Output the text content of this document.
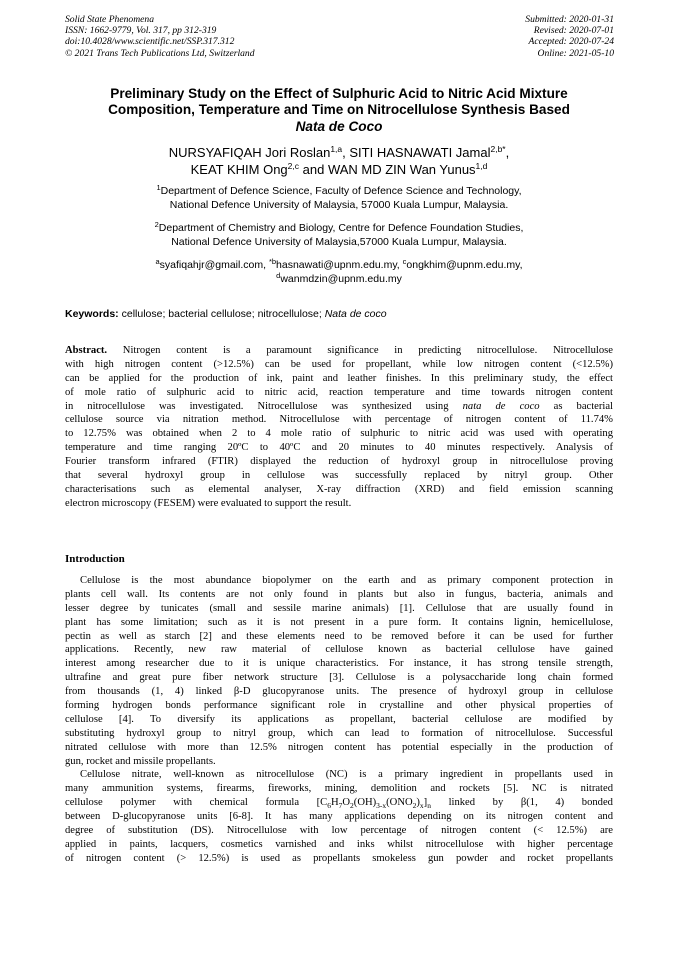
Solid State Phenomena
ISSN: 1662-9779, Vol. 317, pp 312-319
doi:10.4028/www.scientific.net/SSP.317.312
© 2021 Trans Tech Publications Ltd, Switzerland
Submitted: 2020-01-31
Revised: 2020-07-01
Accepted: 2020-07-24
Online: 2021-05-10
Preliminary Study on the Effect of Sulphuric Acid to Nitric Acid Mixture
Composition, Temperature and Time on Nitrocellulose Synthesis Based
Nata de Coco
NURSYAFIQAH Jori Roslan$^{1,a}$, SITI HASNAWATI Jamal$^{2,b*}$,
KEAT KHIM Ong$^{2,c}$ and WAN MD ZIN Wan Yunus$^{1,d}$
$^1$Department of Defence Science, Faculty of Defence Science and Technology,
National Defence University of Malaysia, 57000 Kuala Lumpur, Malaysia.
$^2$Department of Chemistry and Biology, Centre for Defence Foundation Studies,
National Defence University of Malaysia,57000 Kuala Lumpur, Malaysia.
$^a$syafiqahjr@gmail.com, $^{*b}$hasnawati@upnm.edu.my, $^c$ongkhim@upnm.edu.my,
$^d$wanmdzin@upnm.edu.my
Keywords: cellulose; bacterial cellulose; nitrocellulose; Nata de coco
Abstract. Nitrogen content is a paramount significance in predicting nitrocellulose. Nitrocellulose
with high nitrogen content (>12.5%) can be used for propellant, while low nitrogen content (<12.5%)
can be applied for the production of ink, paint and leather finishes. In this preliminary study, the effect
of mole ratio of sulphuric acid to nitric acid, reaction temperature and time towards nitrogen content
in nitrocellulose was investigated. Nitrocellulose was synthesized using nata de coco as bacterial
cellulose source via nitration method. Nitrocellulose with percentage of nitrogen content of 11.74%
to 12.75% was obtained when 2 to 4 mole ratio of sulphuric to nitric acid was used with operating
temperature and time ranging 20ºC to 40ºC and 20 minutes to 40 minutes respectively. Analysis of
Fourier transform infrared (FTIR) displayed the reduction of hydroxyl group in nitrocellulose proving
that several hydroxyl group in cellulose was successfully replaced by nitryl group. Other
characterisations such as elemental analyser, X-ray diffraction (XRD) and field emission scanning
electron microscopy (FESEM) were evaluated to support the result.
Introduction
Cellulose is the most abundance biopolymer on the earth and as primary component protection in
plants cell wall. Its contents are not only found in plants but also in fungus, bacteria, animals and
lesser degree by tunicates (small and sessile marine animals) [1]. Cellulose that are usually found in
plant has some limitation; such as it is not present in a pure form. It contains lignin, hemicellulose,
pectin as well as starch [2] and these elements need to be removed before it can be used for further
applications. Recently, new raw material of cellulose known as bacterial cellulose have gained
interest among researcher due to it is unique characteristics. For instance, it has strong tensile strength,
ultrafine and great pure fiber network structure [3]. Cellulose is a polysaccharide long chain formed
from thousands (1, 4) linked β-D glucopyranose units. The presence of hydroxyl group in cellulose
forming hydrogen bonds performance significant role in crystalline and other physical properties of
cellulose [4]. To diversify its applications as propellant, bacterial cellulose are modified by
substituting hydroxyl group to nitryl group, which can lead to formation of nitrocellulose. Successful
nitrated cellulose with more than 12.5% nitrogen content has potential especially in the production of
gun, rocket and missile propellants.
Cellulose nitrate, well-known as nitrocellulose (NC) is a primary ingredient in propellants used in
many ammunition systems, firearms, fireworks, mining, demolition and rockets [5]. NC is nitrated
cellulose polymer with chemical formula $[C_6H_7O_2(OH)_{3-x}(ONO_2)_x]_n$ linked by β(1, 4) bonded
between D-glucopyranose units [6-8]. It has many applications depending on its nitrogen content and
degree of substitution (DS). Nitrocellulose with low percentage of nitrogen content (< 12.5%) are
applied in paints, lacquers, cosmetics varnished and inks whilst nitrocellulose with higher percentage
of nitrogen content (> 12.5%) is used as propellants smokeless gun powder and rocket propellants
